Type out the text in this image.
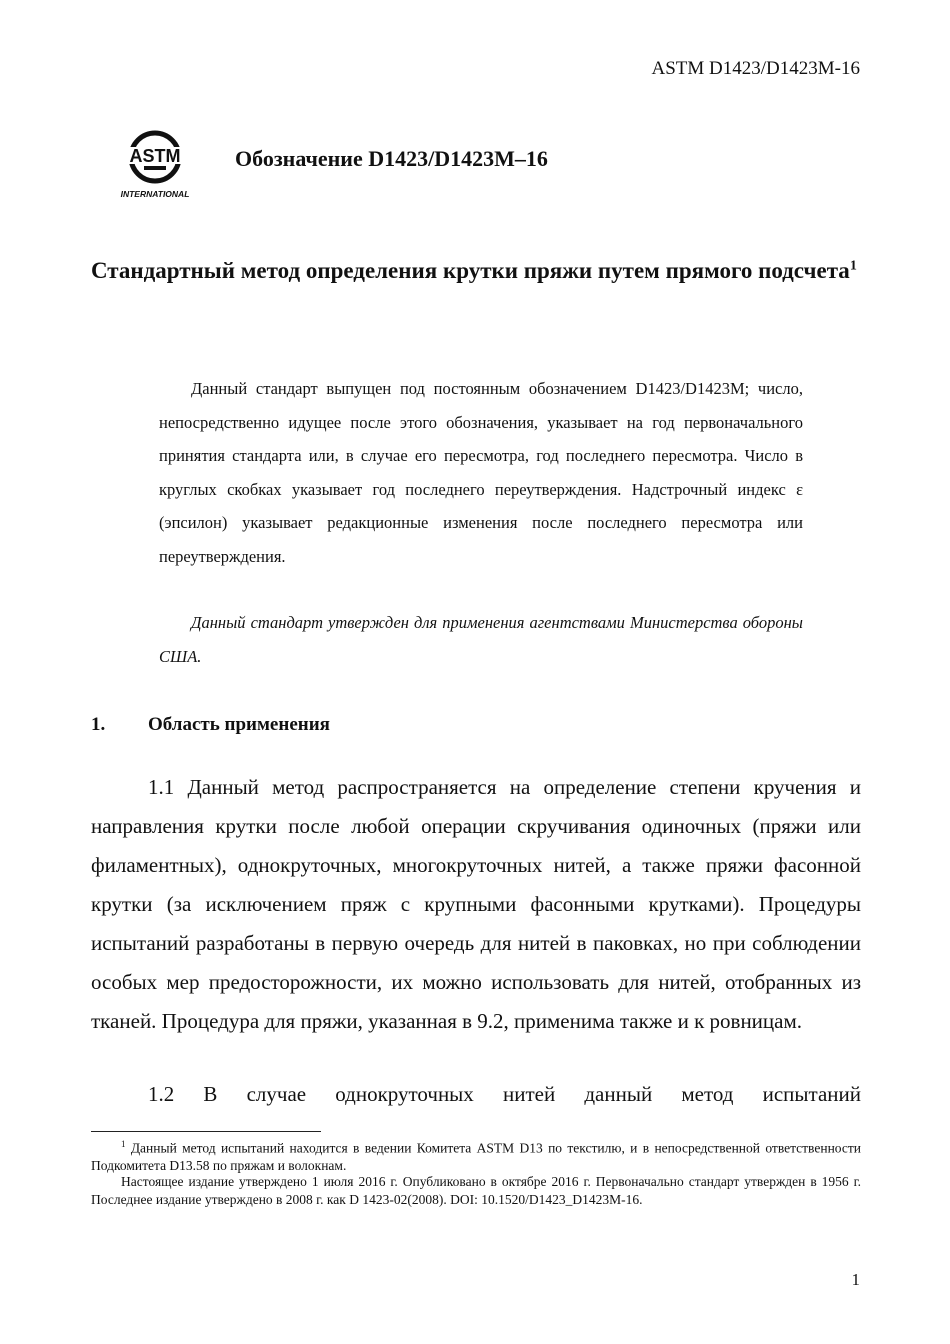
ASTM D1423/D1423M-16
ASTM
INTERNATIONAL
Обозначение D1423/D1423M–16
Стандартный метод определения крутки пряжи путем прямого подсчета$^1$
Данный стандарт выпущен под постоянным обозначением D1423/D1423M; число, непосредственно идущее после этого обозначения, указывает на год первоначального принятия стандарта или, в случае его пересмотра, год последнего пересмотра. Число в круглых скобках указывает год последнего переутверждения. Надстрочный индекс ε (эпсилон) указывает редакционные изменения после последнего пересмотра или переутверждения.
Данный стандарт утвержден для применения агентствами Министерства обороны США.
1. Область применения
1.1 Данный метод распространяется на определение степени кручения и направления крутки после любой операции скручивания одиночных (пряжи или филаментных), однокруточных, многокруточных нитей, а также пряжи фасонной крутки (за исключением пряж с крупными фасонными крутками). Процедуры испытаний разработаны в первую очередь для нитей в паковках, но при соблюдении особых мер предосторожности, их можно использовать для нитей, отобранных из тканей. Процедура для пряжи, указанная в 9.2, применима также и к ровницам.
1.2 В случае однокруточных нитей данный метод испытаний
$^1$ Данный метод испытаний находится в ведении Комитета ASTM D13 по текстилю, и в непосредственной ответственности Подкомитета D13.58 по пряжам и волокнам.
Настоящее издание утверждено 1 июля 2016 г. Опубликовано в октябре 2016 г. Первоначально стандарт утвержден в 1956 г. Последнее издание утверждено в 2008 г. как D 1423-02(2008). DOI: 10.1520/D1423_D1423M-16.
1
